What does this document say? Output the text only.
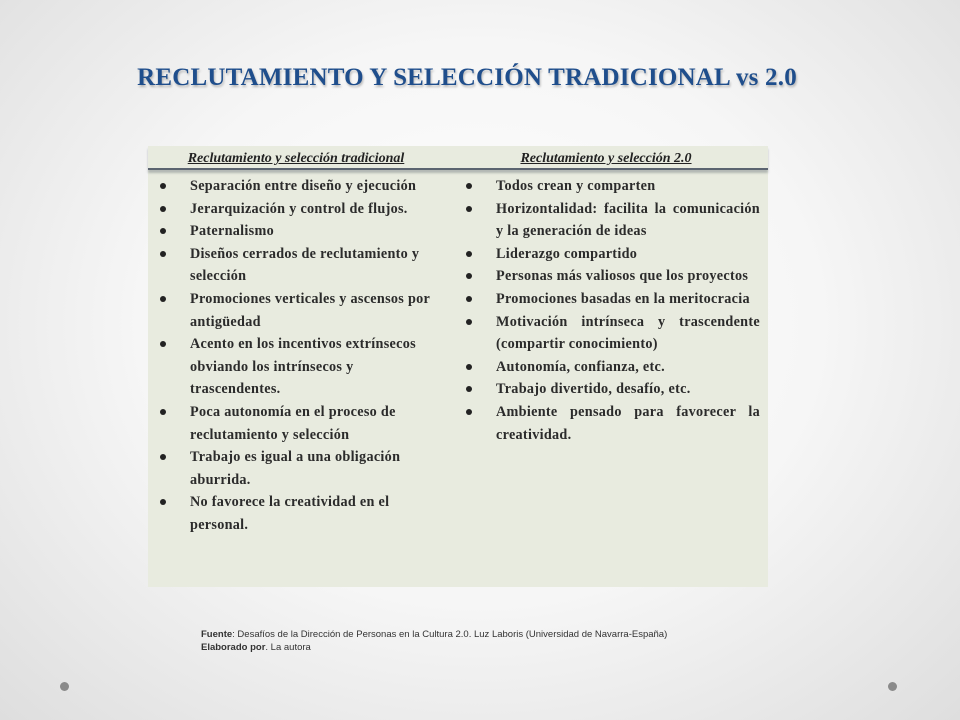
RECLUTAMIENTO Y SELECCIÓN TRADICIONAL vs 2.0
Reclutamiento y selección tradicional	Reclutamiento y selección 2.0
Separación entre diseño y ejecución
Jerarquización y control de flujos.
Paternalismo
Diseños cerrados de reclutamiento y selección
Promociones verticales y ascensos por antigüedad
Acento en los incentivos extrínsecos obviando los intrínsecos y trascendentes.
Poca autonomía en el proceso de reclutamiento y selección
Trabajo es igual a una obligación aburrida.
No favorece la creatividad en el personal.
Todos crean y comparten
Horizontalidad: facilita la comunicación y la generación de ideas
Liderazgo compartido
Personas más valiosos que los proyectos
Promociones basadas en la meritocracia
Motivación intrínseca y trascendente (compartir conocimiento)
Autonomía, confianza, etc.
Trabajo divertido, desafío, etc.
Ambiente pensado para favorecer la creatividad.
Fuente: Desafíos de la Dirección de Personas en la Cultura 2.0. Luz Laboris (Universidad de Navarra-España)
Elaborado por. La autora
